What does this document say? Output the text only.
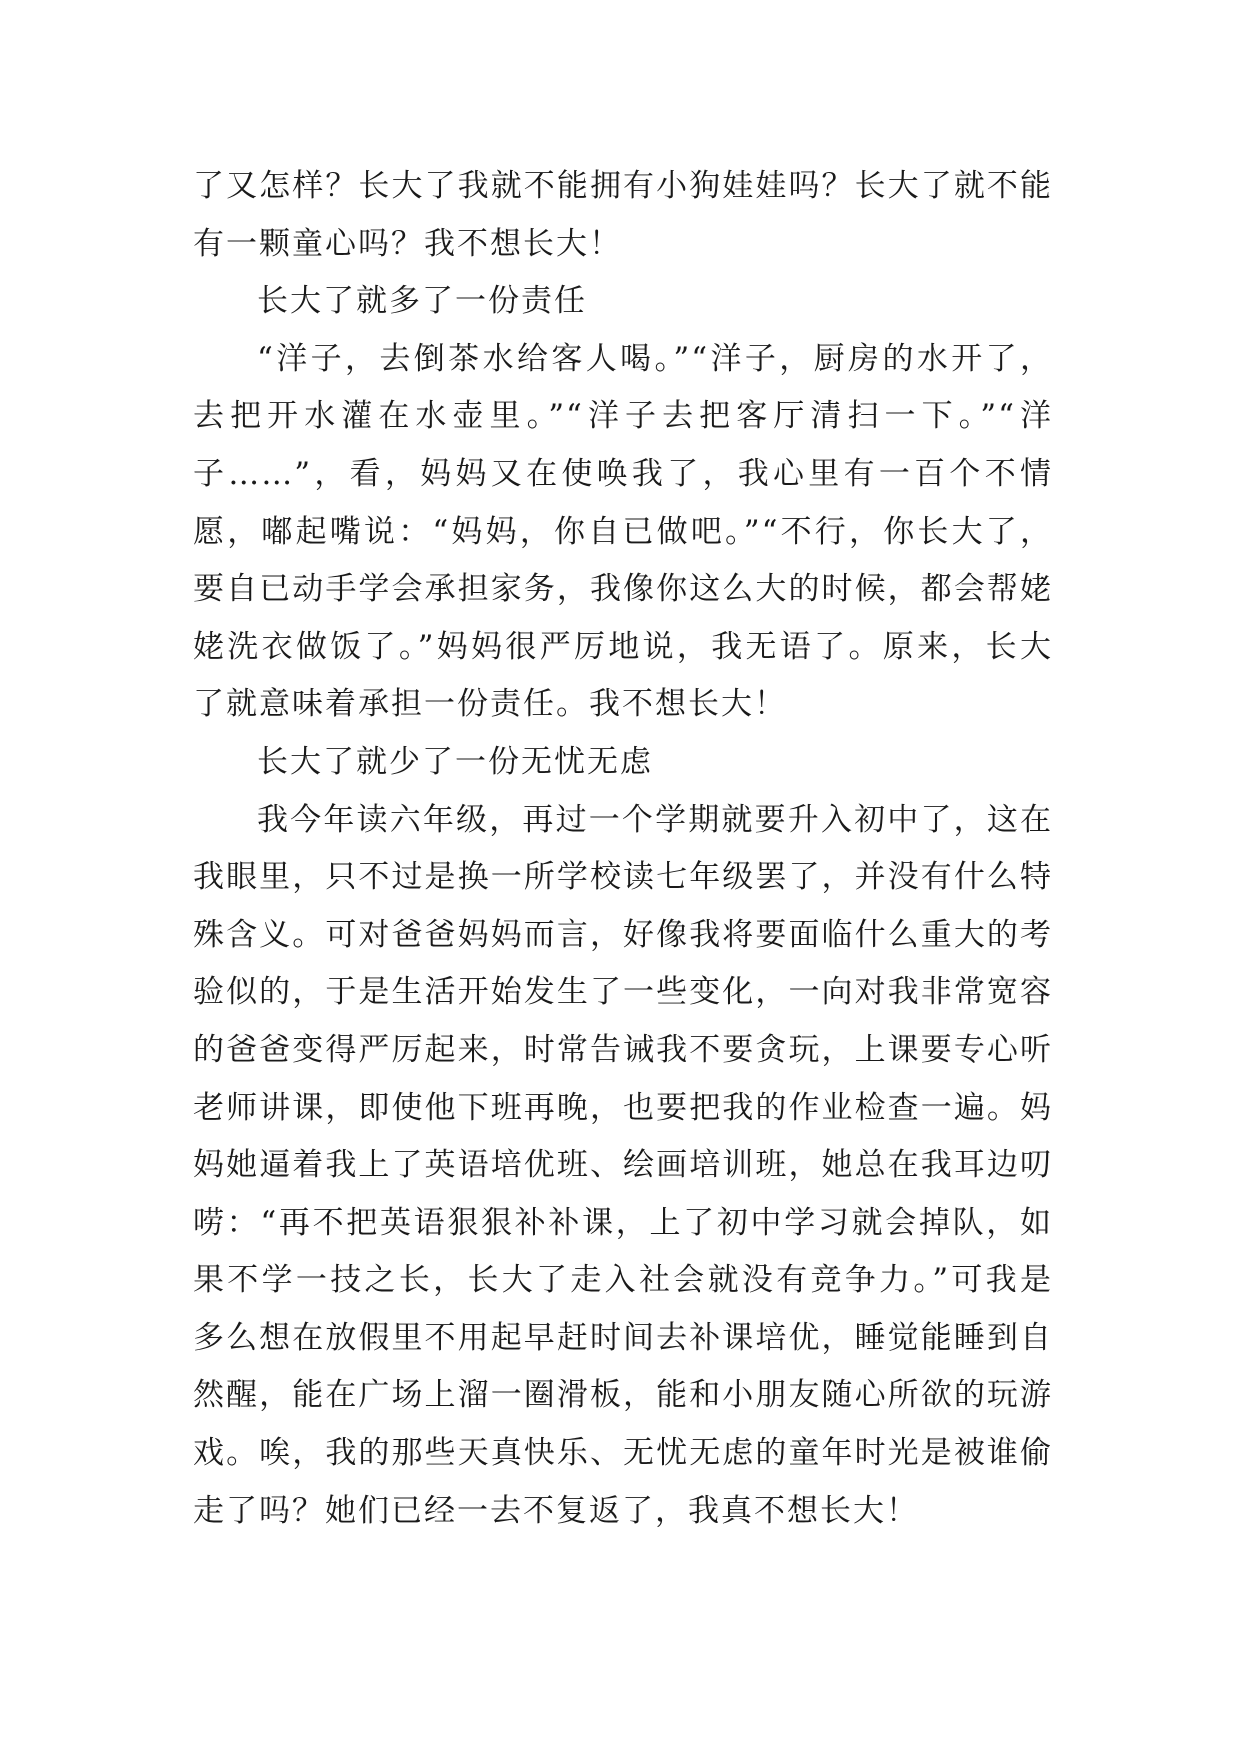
了又怎样？长大了我就不能拥有小狗娃娃吗？长大了就不能有一颗童心吗？我不想长大！

长大了就多了一份责任

“洋子，去倒茶水给客人喝。”“洋子，厨房的水开了，去把开水灌在水壶里。”“洋子去把客厅清扫一下。”“洋子……”，看，妈妈又在使唤我了，我心里有一百个不情愿，嘟起嘴说：“妈妈，你自已做吧。”“不行，你长大了，要自已动手学会承担家务，我像你这么大的时候，都会帮姥姥洗衣做饭了。”妈妈很严厉地说，我无语了。原来，长大了就意味着承担一份责任。我不想长大！

长大了就少了一份无忧无虑

我今年读六年级，再过一个学期就要升入初中了，这在我眼里，只不过是换一所学校读七年级罢了，并没有什么特殊含义。可对爸爸妈妈而言，好像我将要面临什么重大的考验似的，于是生活开始发生了一些变化，一向对我非常宽容的爸爸变得严厉起来，时常告诫我不要贪玩，上课要专心听老师讲课，即使他下班再晚，也要把我的作业检查一遍。妈妈她逼着我上了英语培优班、绘画培训班，她总在我耳边叨唠：“再不把英语狠狠补补课，上了初中学习就会掉队，如果不学一技之长，长大了走入社会就没有竞争力。”可我是多么想在放假里不用起早赶时间去补课培优，睡觉能睡到自然醒，能在广场上溜一圈滑板，能和小朋友随心所欲的玩游戏。唉，我的那些天真快乐、无忧无虑的童年时光是被谁偷走了吗？她们已经一去不复返了，我真不想长大！
